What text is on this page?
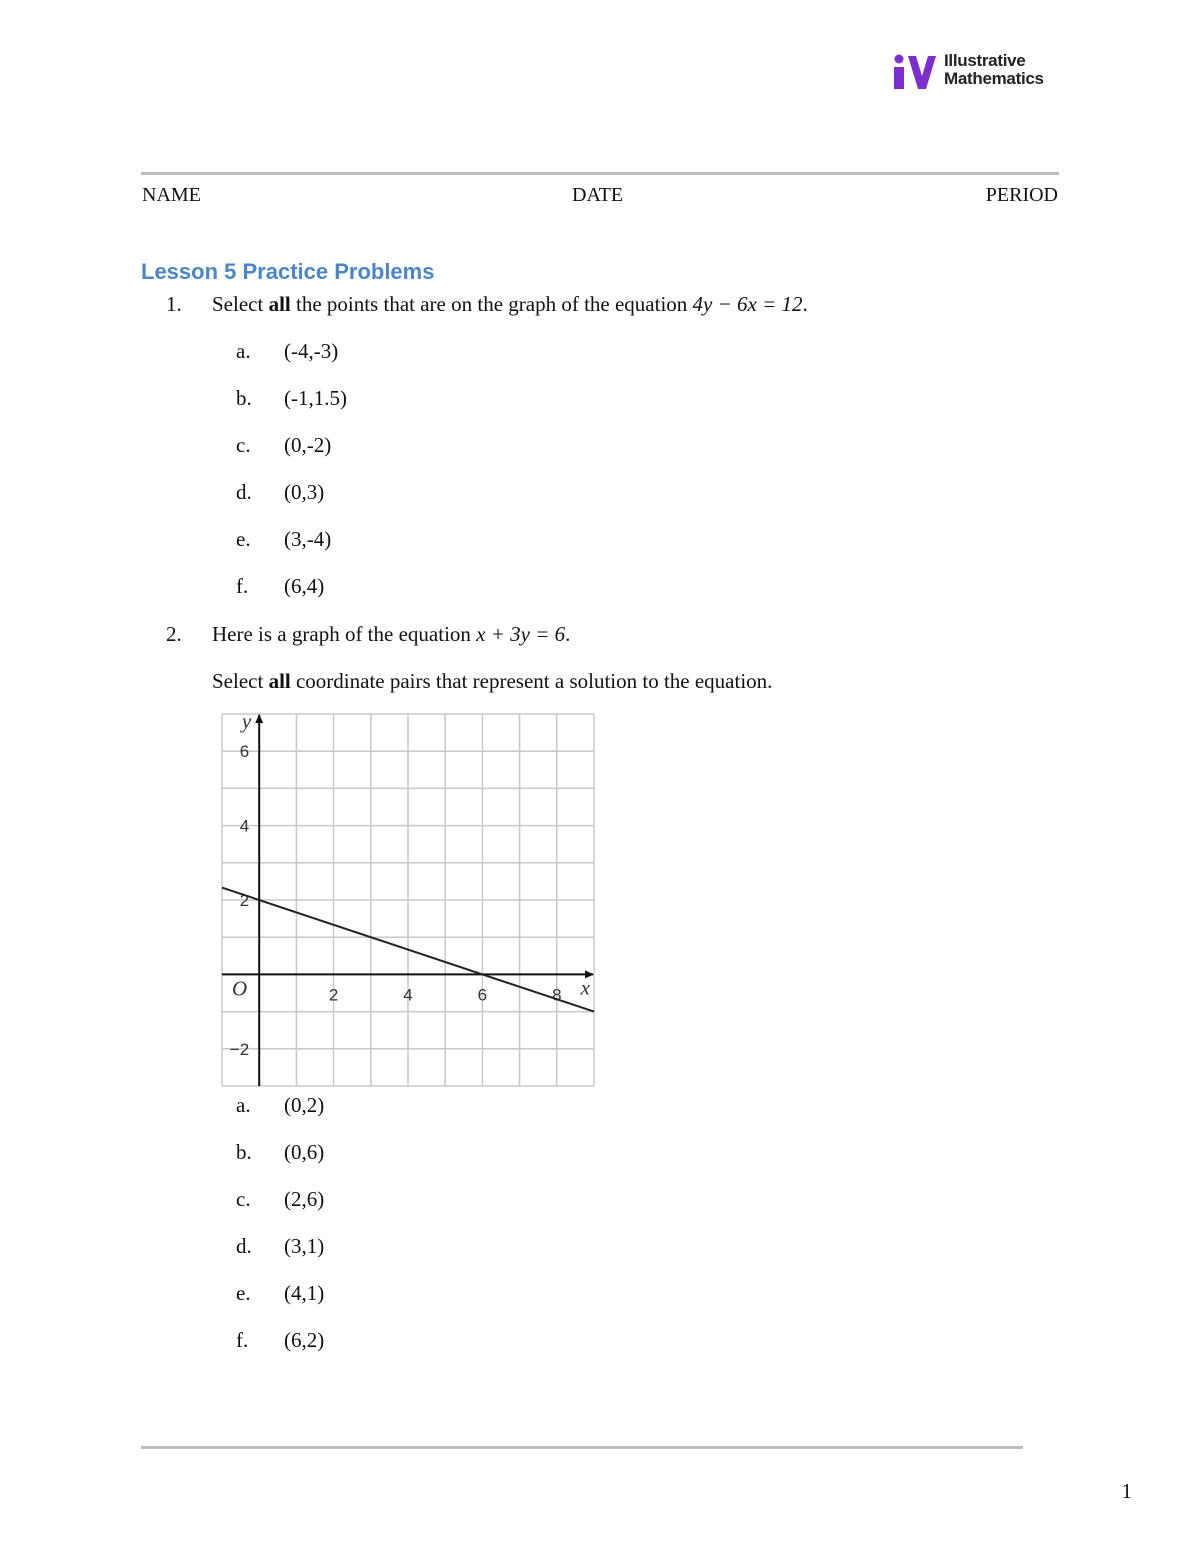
Illustrative
Mathematics
NAME	DATE	PERIOD
Lesson 5 Practice Problems
1. Select all the points that are on the graph of the equation 4y − 6x = 12.
a. (-4,-3)
b. (-1,1.5)
c. (0,-2)
d. (0,3)
e. (3,-4)
f. (6,4)
2. Here is a graph of the equation x + 3y = 6.
Select all coordinate pairs that represent a solution to the equation.
2	4	6	8
−2
2
4
6
O	x
y
a. (0,2)
b. (0,6)
c. (2,6)
d. (3,1)
e. (4,1)
f. (6,2)
1
